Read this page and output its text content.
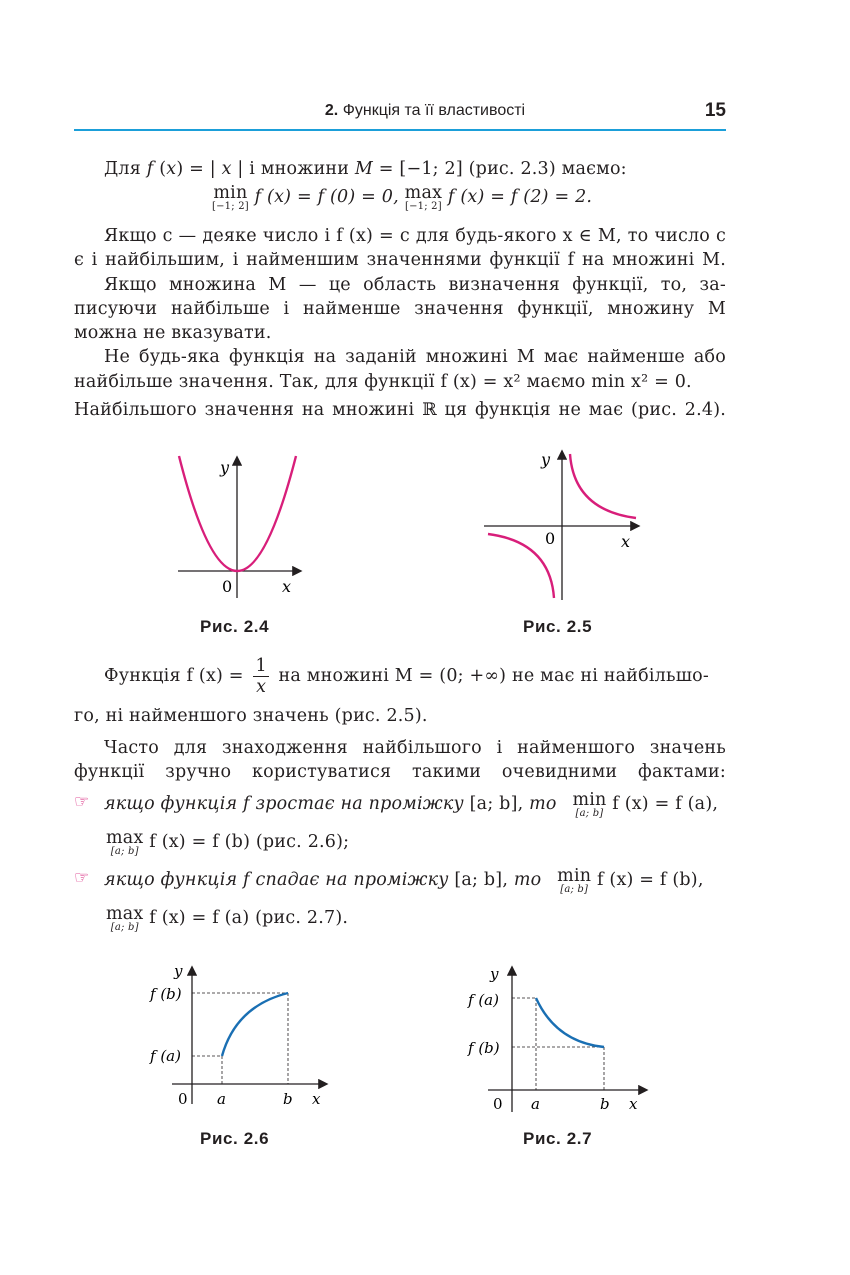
2. Функція та її властивості	15
Для f (x) = | x | і множини M = [−1; 2] (рис. 2.3) маємо:
min
[−1; 2] f (x) = f (0) = 0, max
[−1; 2] f (x) = f (2) = 2.
Якщо c — деяке число і f (x) = c для будь-якого x ∈ M, то число c
є і найбільшим, і найменшим значеннями функції f на множині M.
Якщо множина M — це область визначення функції, то, за-
писуючи найбільше і найменше значення функції, множину M
можна не вказувати.
Не будь-яка функція на заданій множині M має найменше або
найбільше значення. Так, для функції f (x) = x² маємо min x² = 0.
Найбільшого значення на множині ℝ ця функція не має (рис. 2.4).
y
x
0
Рис. 2.4
y
x
0
Рис. 2.5
Функція f $(x) = \frac{1}{x}$ на множині M = (0; +∞) не має ні найбільшо-
го, ні найменшого значень (рис. 2.5).
Часто для знаходження найбільшого і найменшого значень
функції зручно користуватися такими очевидними фактами:
☞ якщо функція f зростає на проміжку [a; b], то min
[a; b] f (x) = f (a),
max
[a; b] f (x) = f (b) (рис. 2.6);
☞ якщо функція f спадає на проміжку [a; b], то min
[a; b] f (x) = f (b),
max
[a; b] f (x) = f (a) (рис. 2.7).
y
f (b)
f (a)
0 a	b x
Рис. 2.6
y
f (a)
f (b)
0 a	b x
Рис. 2.7
